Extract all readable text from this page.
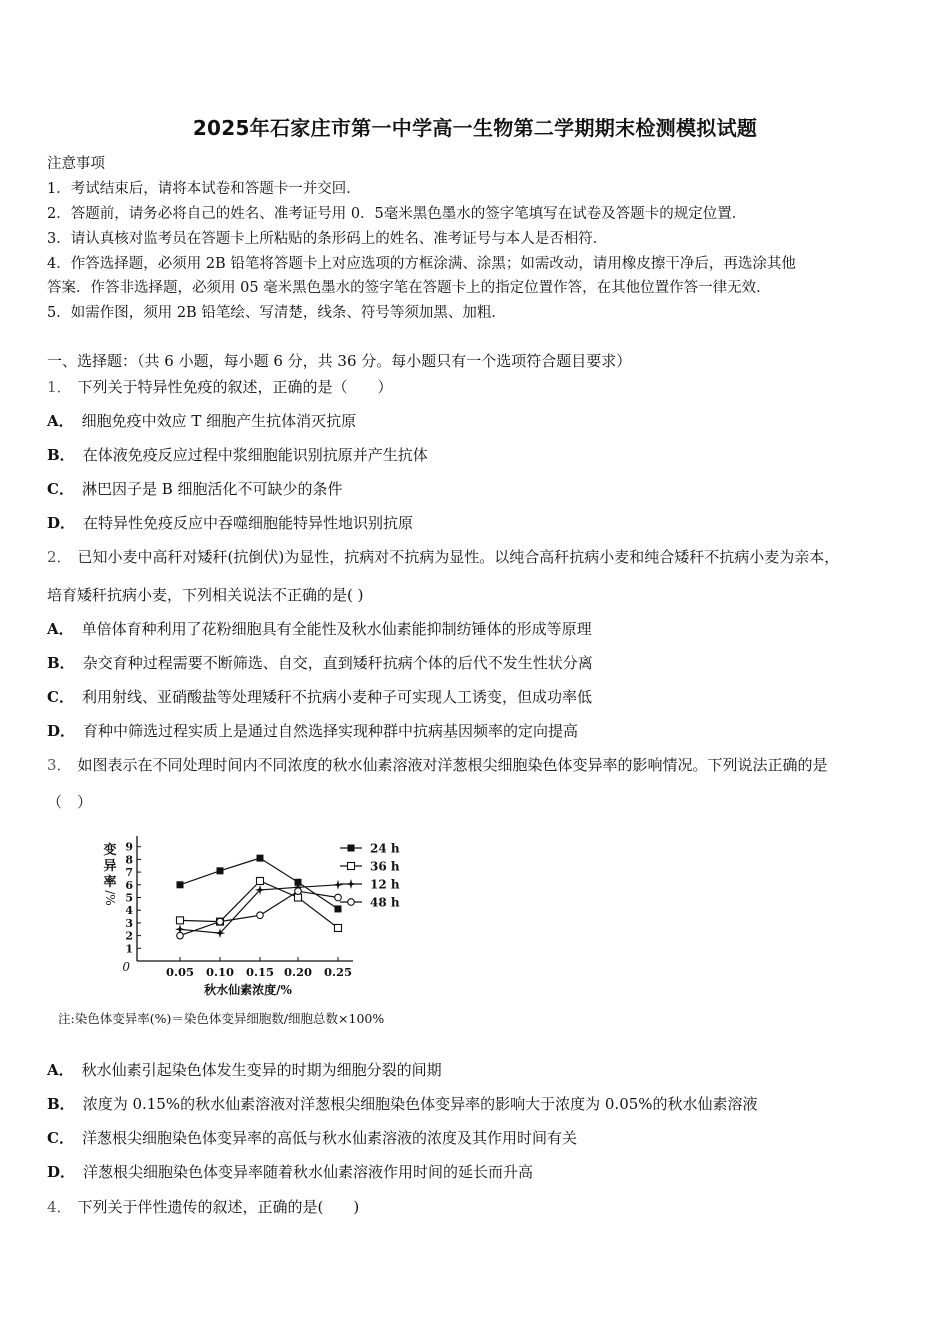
2025年石家庄市第一中学高一生物第二学期期末检测模拟试题
注意事项
1．考试结束后，请将本试卷和答题卡一并交回．
2．答题前，请务必将自己的姓名、准考证号用 0．5毫米黑色墨水的签字笔填写在试卷及答题卡的规定位置．
3．请认真核对监考员在答题卡上所粘贴的条形码上的姓名、准考证号与本人是否相符．
4．作答选择题，必须用 2B 铅笔将答题卡上对应选项的方框涂满、涂黑；如需改动，请用橡皮擦干净后，再选涂其他
答案．作答非选择题，必须用 05 毫米黑色墨水的签字笔在答题卡上的指定位置作答，在其他位置作答一律无效．
5．如需作图，须用 2B 铅笔绘、写清楚，线条、符号等须加黑、加粗．
一、选择题：（共 6 小题，每小题 6 分，共 36 分。每小题只有一个选项符合题目要求）
1． 下列关于特异性免疫的叙述，正确的是（　　）
A． 细胞免疫中效应 T 细胞产生抗体消灭抗原
B． 在体液免疫反应过程中浆细胞能识别抗原并产生抗体
C． 淋巴因子是 B 细胞活化不可缺少的条件
D． 在特异性免疫反应中吞噬细胞能特异性地识别抗原
2． 已知小麦中高秆对矮秆(抗倒伏)为显性，抗病对不抗病为显性。以纯合高秆抗病小麦和纯合矮秆不抗病小麦为亲本，
培育矮秆抗病小麦，下列相关说法不正确的是( )
A． 单倍体育种利用了花粉细胞具有全能性及秋水仙素能抑制纺锤体的形成等原理
B． 杂交育种过程需要不断筛选、自交，直到矮秆抗病个体的后代不发生性状分离
C． 利用射线、亚硝酸盐等处理矮秆不抗病小麦种子可实现人工诱变，但成功率低
D． 育种中筛选过程实质上是通过自然选择实现种群中抗病基因频率的定向提高
3． 如图表示在不同处理时间内不同浓度的秋水仙素溶液对洋葱根尖细胞染色体变异率的影响情况。下列说法正确的是
（　）
变
异
率
/%
0
1
2
3
4
5
6
7
8
9
0.05 0.10 0.15 0.20 0.25
24 h
36 h
12 h
48 h
秋水仙素浓度/%
注:染色体变异率(%)＝染色体变异细胞数/细胞总数×100%
A． 秋水仙素引起染色体发生变异的时期为细胞分裂的间期
B． 浓度为 0.15%的秋水仙素溶液对洋葱根尖细胞染色体变异率的影响大于浓度为 0.05%的秋水仙素溶液
C． 洋葱根尖细胞染色体变异率的高低与秋水仙素溶液的浓度及其作用时间有关
D． 洋葱根尖细胞染色体变异率随着秋水仙素溶液作用时间的延长而升高
4． 下列关于伴性遗传的叙述，正确的是(　　)
